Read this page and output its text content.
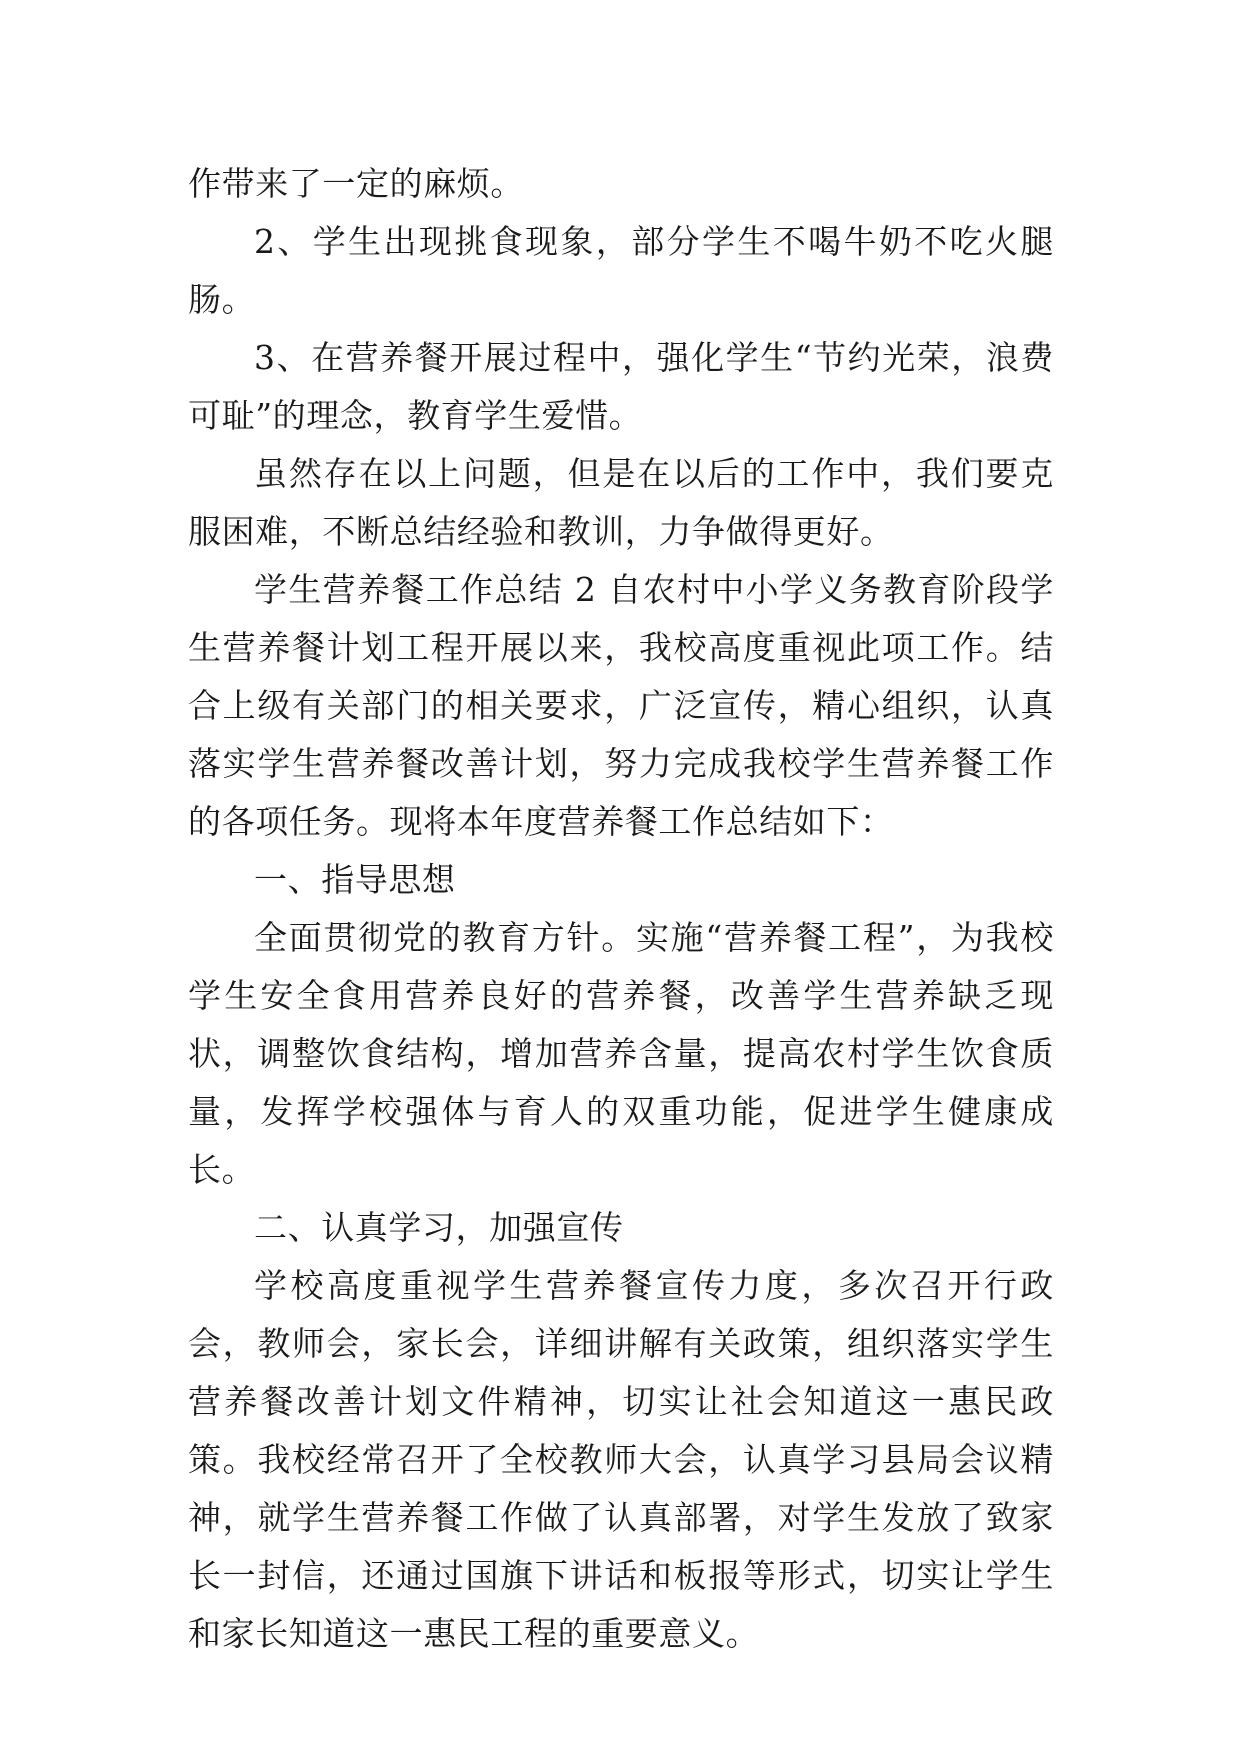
作带来了一定的麻烦。

2、学生出现挑食现象，部分学生不喝牛奶不吃火腿肠。

3、在营养餐开展过程中，强化学生“节约光荣，浪费可耻”的理念，教育学生爱惜。

虽然存在以上问题，但是在以后的工作中，我们要克服困难，不断总结经验和教训，力争做得更好。

学生营养餐工作总结 2 自农村中小学义务教育阶段学生营养餐计划工程开展以来，我校高度重视此项工作。结合上级有关部门的相关要求，广泛宣传，精心组织，认真落实学生营养餐改善计划，努力完成我校学生营养餐工作的各项任务。现将本年度营养餐工作总结如下：

一、指导思想

全面贯彻党的教育方针。实施“营养餐工程”，为我校学生安全食用营养良好的营养餐，改善学生营养缺乏现状，调整饮食结构，增加营养含量，提高农村学生饮食质量，发挥学校强体与育人的双重功能，促进学生健康成长。

二、认真学习，加强宣传

学校高度重视学生营养餐宣传力度，多次召开行政会，教师会，家长会，详细讲解有关政策，组织落实学生营养餐改善计划文件精神，切实让社会知道这一惠民政策。我校经常召开了全校教师大会，认真学习县局会议精神，就学生营养餐工作做了认真部署，对学生发放了致家长一封信，还通过国旗下讲话和板报等形式，切实让学生和家长知道这一惠民工程的重要意义。
